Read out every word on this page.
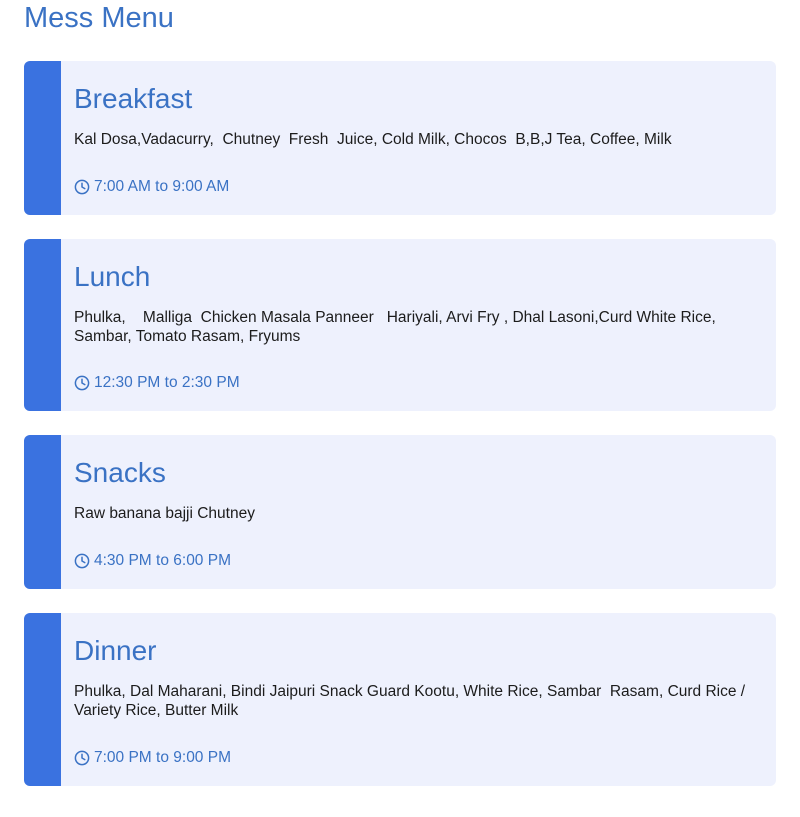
Mess Menu
Breakfast

Kal Dosa,Vadacurry,  Chutney  Fresh  Juice, Cold Milk, Chocos  B,B,J Tea, Coffee, Milk

7:00 AM to 9:00 AM
Lunch

Phulka,    Malliga  Chicken Masala Panneer   Hariyali, Arvi Fry , Dhal Lasoni,Curd White Rice, Sambar, Tomato Rasam, Fryums

12:30 PM to 2:30 PM
Snacks

Raw banana bajji Chutney

4:30 PM to 6:00 PM
Dinner

Phulka, Dal Maharani, Bindi Jaipuri Snack Guard Kootu, White Rice, Sambar  Rasam, Curd Rice / Variety Rice, Butter Milk

7:00 PM to 9:00 PM
